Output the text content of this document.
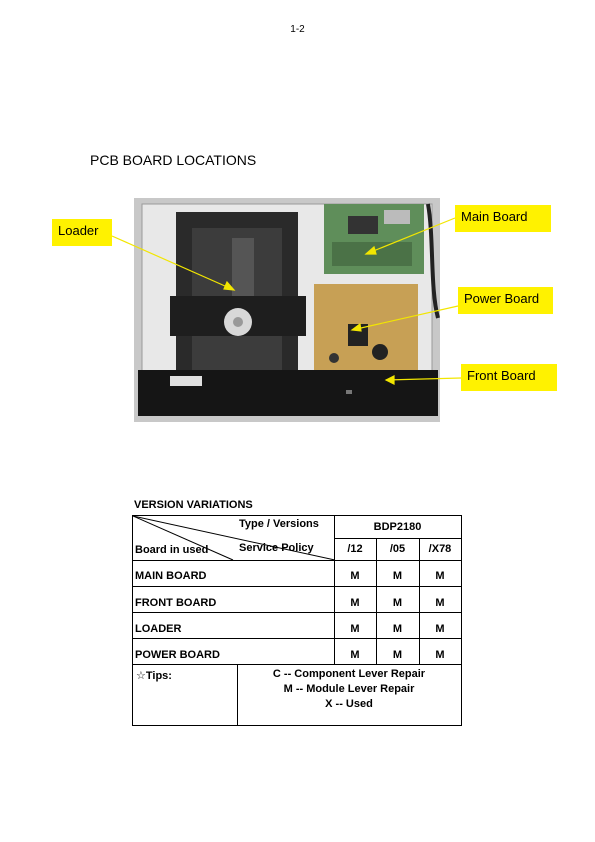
1-2
PCB BOARD LOCATIONS
Loader
Main Board
Power Board
Front Board
VERSION VARIATIONS
Type / Versions
Service Policy
Board in used
BDP2180
/12	/05	/X78
MAIN BOARD	M	M	M
FRONT BOARD	M	M	M
LOADER	M	M	M
POWER BOARD	M	M	M
☆Tips:	C -- Component Lever Repair
M -- Module Lever Repair
X -- Used
